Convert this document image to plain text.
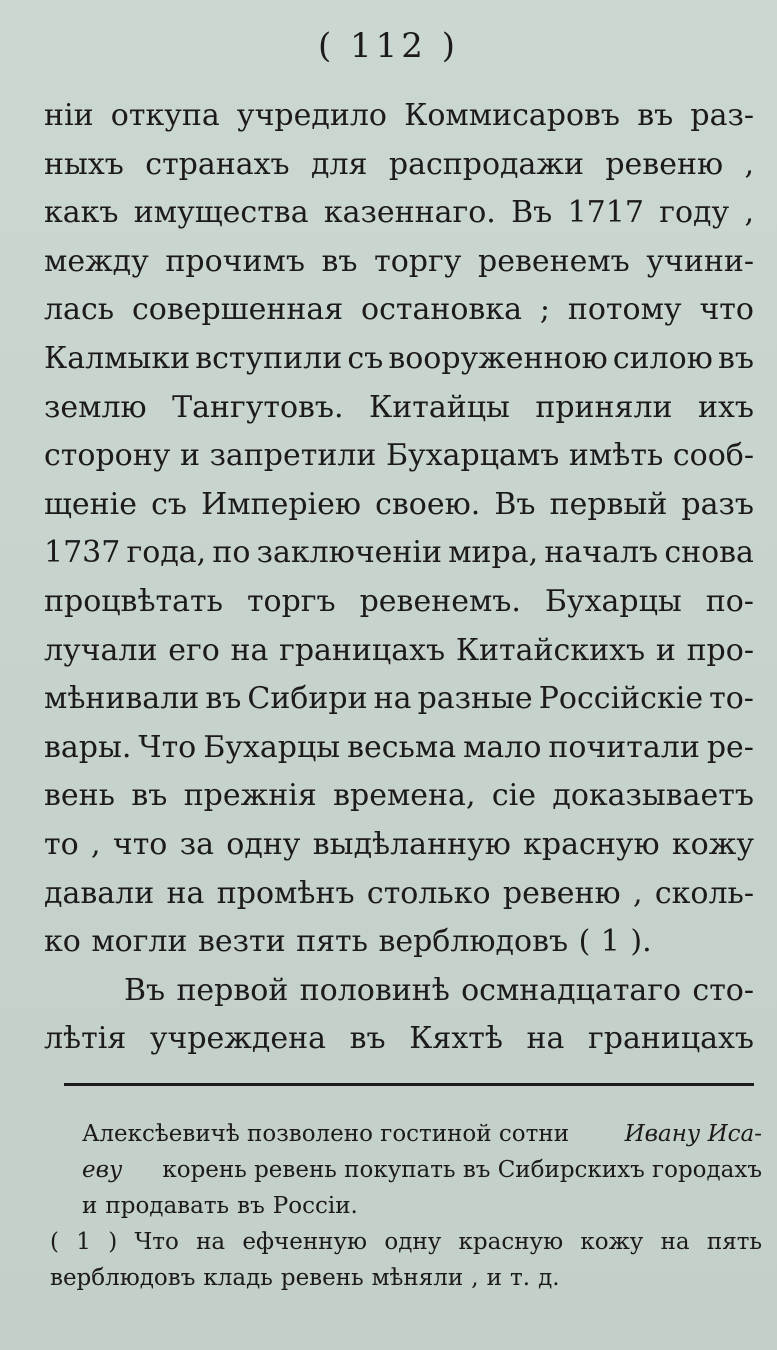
( 112 )
ніи откупа учредило Коммисаровъ въ раз-
ныхъ странахъ для распродажи ревеню ,
какъ имущества казеннаго. Въ 1717 году ,
между прочимъ въ торгу ревенемъ учини-
лась совершенная остановка ; потому что
Калмыки вступили съ вооруженною силою въ
землю Тангутовъ. Китайцы приняли ихъ
сторону и запретили Бухарцамъ имѣть сооб-
щеніе съ Имперіею своею. Въ первый разъ
1737 года, по заключеніи мира, началъ снова
процвѣтать торгъ ревенемъ. Бухарцы по-
лучали его на границахъ Китайскихъ и про-
мѣнивали въ Сибири на разные Россійскіе то-
вары. Что Бухарцы весьма мало почитали ре-
вень въ прежнія времена, сіе доказываетъ
то , что за одну выдѣланную красную кожу
давали на промѣнъ столько ревеню , сколь-
ко могли везти пять верблюдовъ ( 1 ).
Въ первой половинѣ осмнадцатаго сто-
лѣтія учреждена въ Кяхтѣ на границахъ
Алексѣевичѣ позволено гостиной сотни Ивану Иса-
еву корень ревень покупать въ Сибирскихъ городахъ
и продавать въ Россіи.
( 1 ) Что на ефченную одну красную кожу на пять
верблюдовъ кладь ревень мѣняли , и т. д.
